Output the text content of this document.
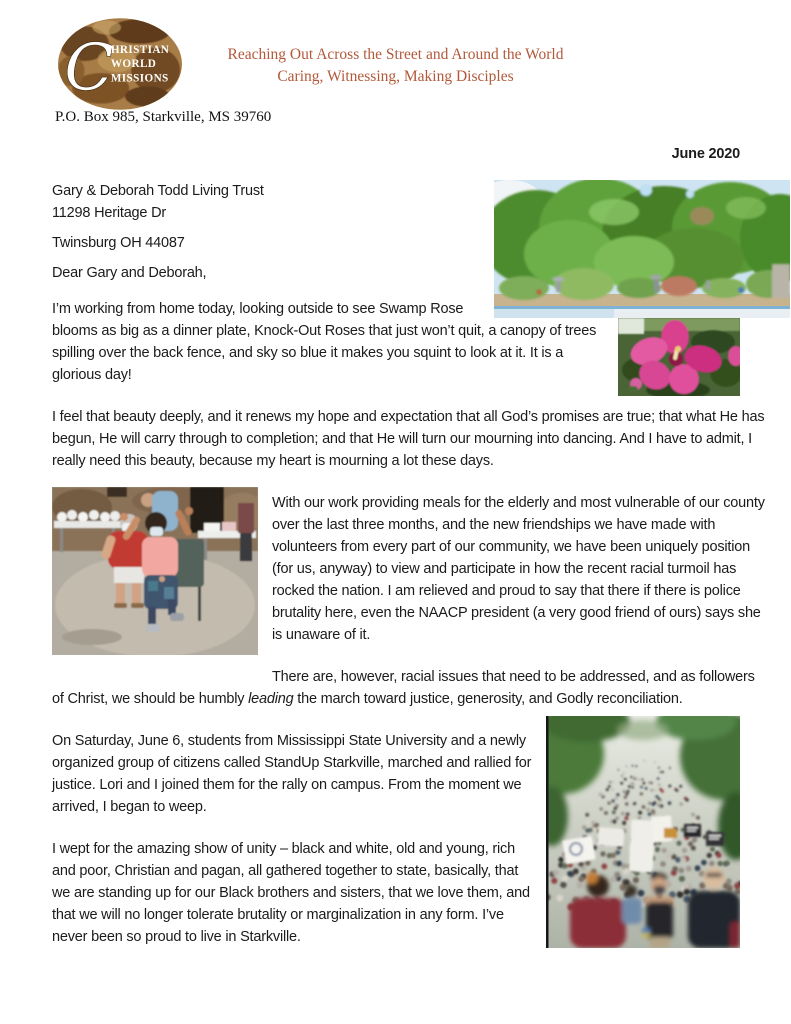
C
HRISTIAN
WORLD
MISSIONS
Reaching Out Across the Street and Around the World
Caring, Witnessing, Making Disciples
P.O. Box 985, Starkville, MS 39760
June 2020
Gary & Deborah Todd Living Trust
11298 Heritage Dr
Twinsburg OH 44087
Dear Gary and Deborah,

I’m working from home today, looking outside to see Swamp Rose blooms as big as a dinner plate, Knock-Out Roses that just won’t quit, a canopy of trees spilling over the back fence, and sky so blue it makes you squint to look at it. It is a glorious day!

I feel that beauty deeply, and it renews my hope and expectation that all God’s promises are true; that what He has begun, He will carry through to completion; and that He will turn our mourning into dancing. And I have to admit, I really need this beauty, because my heart is mourning a lot these days.

With our work providing meals for the elderly and most vulnerable of our county over the last three months, and the new friendships we have made with volunteers from every part of our community, we have been uniquely position (for us, anyway) to view and participate in how the recent racial turmoil has rocked the nation. I am relieved and proud to say that there if there is police brutality here, even the NAACP president (a very good friend of ours) says she is unaware of it.

There are, however, racial issues that need to be addressed, and as followers of Christ, we should be humbly leading the march toward justice, generosity, and Godly reconciliation.

On Saturday, June 6, students from Mississippi State University and a newly organized group of citizens called StandUp Starkville, marched and rallied for justice. Lori and I joined them for the rally on campus. From the moment we arrived, I began to weep.

I wept for the amazing show of unity – black and white, old and young, rich and poor, Christian and pagan, all gathered together to state, basically, that we are standing up for our Black brothers and sisters, that we love them, and that we will no longer tolerate brutality or marginalization in any form. I’ve never been so proud to live in Starkville.
